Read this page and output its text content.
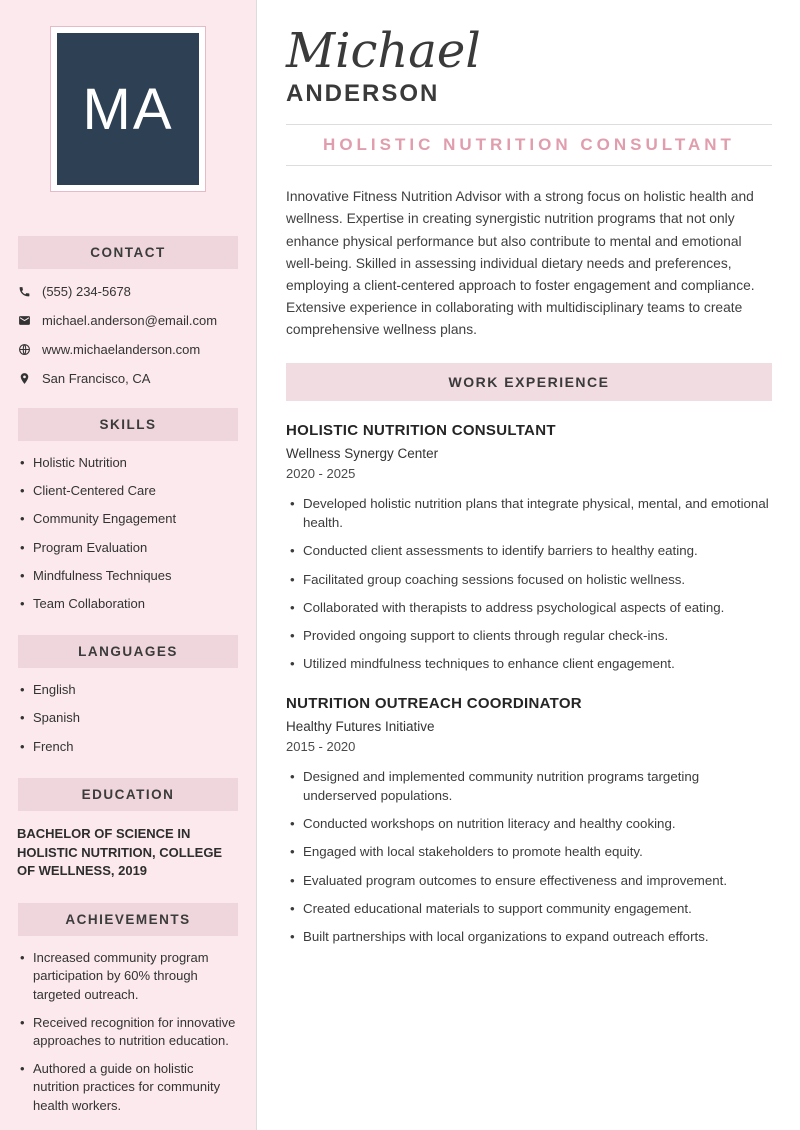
MA
CONTACT
(555) 234-5678
michael.anderson@email.com
www.michaelanderson.com
San Francisco, CA
SKILLS
• Holistic Nutrition
• Client-Centered Care
• Community Engagement
• Program Evaluation
• Mindfulness Techniques
• Team Collaboration
LANGUAGES
• English
• Spanish
• French
EDUCATION
BACHELOR OF SCIENCE IN HOLISTIC NUTRITION, COLLEGE OF WELLNESS, 2019
ACHIEVEMENTS
• Increased community program participation by 60% through targeted outreach.
• Received recognition for innovative approaches to nutrition education.
• Authored a guide on holistic nutrition practices for community health workers.
Michael
ANDERSON
HOLISTIC NUTRITION CONSULTANT

Innovative Fitness Nutrition Advisor with a strong focus on holistic health and wellness. Expertise in creating synergistic nutrition programs that not only enhance physical performance but also contribute to mental and emotional well-being. Skilled in assessing individual dietary needs and preferences, employing a client-centered approach to foster engagement and compliance. Extensive experience in collaborating with multidisciplinary teams to create comprehensive wellness plans.

WORK EXPERIENCE
HOLISTIC NUTRITION CONSULTANT
Wellness Synergy Center
2020 - 2025
• Developed holistic nutrition plans that integrate physical, mental, and emotional health.
• Conducted client assessments to identify barriers to healthy eating.
• Facilitated group coaching sessions focused on holistic wellness.
• Collaborated with therapists to address psychological aspects of eating.
• Provided ongoing support to clients through regular check-ins.
• Utilized mindfulness techniques to enhance client engagement.
NUTRITION OUTREACH COORDINATOR
Healthy Futures Initiative
2015 - 2020
• Designed and implemented community nutrition programs targeting underserved populations.
• Conducted workshops on nutrition literacy and healthy cooking.
• Engaged with local stakeholders to promote health equity.
• Evaluated program outcomes to ensure effectiveness and improvement.
• Created educational materials to support community engagement.
• Built partnerships with local organizations to expand outreach efforts.
